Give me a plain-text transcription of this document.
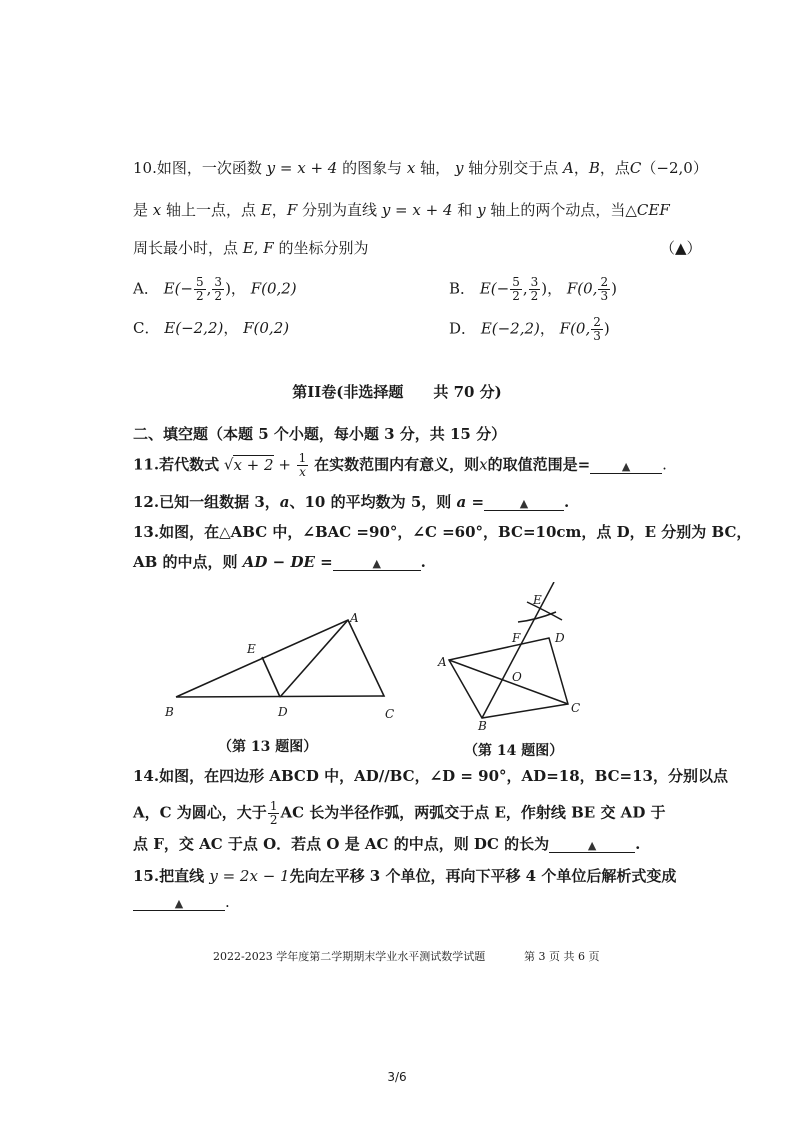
10.如图，一次函数 y = x + 4 的图象与 x 轴， y 轴分别交于点 A，B，点C（−2,0）
是 x 轴上一点，点 E，F 分别为直线 y = x + 4 和 y 轴上的两个动点，当△CEF
周长最小时，点 E, F 的坐标分别为	（▲）
A． $E(- \frac{5}{2}$ , $\frac{3}{2}$ )， F(0,2)	B． $E(- \frac{5}{2}$ , $\frac{3}{2}$ )， F(0, $\frac{2}{3}$ )
C． E(−2,2)， F(0,2)	D． E(−2,2)， F(0, $\frac{2}{3}$ )
第II卷(非选择题　　共 70 分)
二、填空题（本题 5 个小题，每小题 3 分，共 15 分）
11.若代数式 $√x + 2 + \frac{1}{x}$ 在实数范围内有意义，则x的取值范围是=	▲ .
12.已知一组数据 3，a、10 的平均数为 5，则 a =	▲ .
13.如图，在△ABC 中，∠BAC =90°，∠C =60°，BC=10cm，点 D，E 分别为 BC，
AB 的中点，则 AD − DE =	▲	.
A
B	C
D
E
（第 13 题图）
A
B
C
D
E
F
O
（第 14 题图）
14.如图，在四边形 ABCD 中，AD//BC，∠D = 90°，AD=18，BC=13，分别以点
A，C 为圆心，大于 $\frac{1}{2}$ AC 长为半径作弧，两弧交于点 E，作射线 BE 交 AD 于
点 F，交 AC 于点 O．若点 O 是 AC 的中点，则 DC 的长为	▲	.
15.把直线 y = 2x − 1先向左平移 3 个单位，再向下平移 4 个单位后解析式变成
▲	.
2022-2023 学年度第二学期期末学业水平测试数学试题	第 3 页 共 6 页
3/6
